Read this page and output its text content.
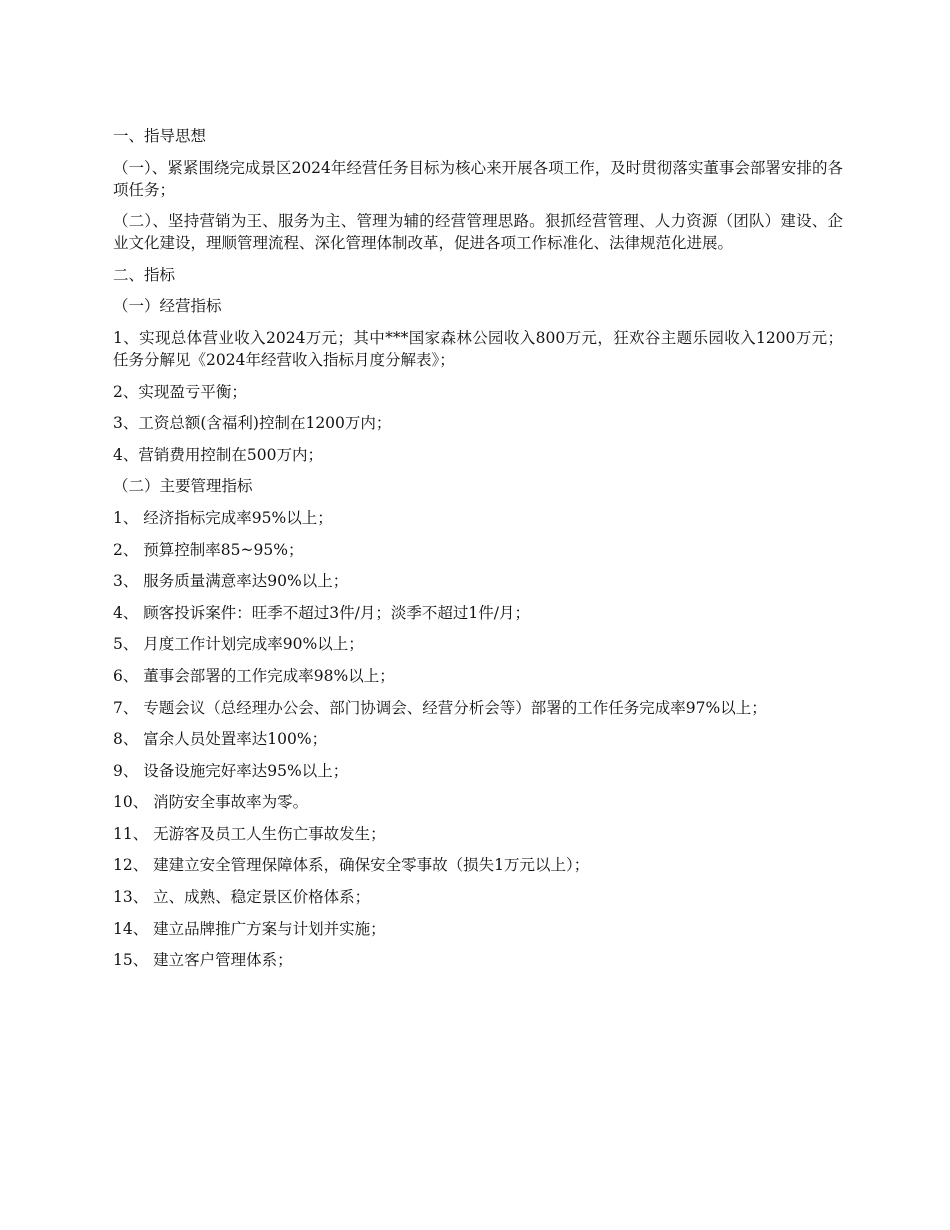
一、指导思想

（一）、紧紧围绕完成景区2024年经营任务目标为核心来开展各项工作，及时贯彻落实董事会部署安排的各项任务；

（二）、坚持营销为王、服务为主、管理为辅的经营管理思路。狠抓经营管理、人力资源（团队）建设、企业文化建设，理顺管理流程、深化管理体制改革，促进各项工作标准化、法律规范化进展。

二、指标

（一）经营指标

1、实现总体营业收入2024万元；其中***国家森林公园收入800万元，狂欢谷主题乐园收入1200万元；任务分解见《2024年经营收入指标月度分解表》；

2、实现盈亏平衡；

3、工资总额(含福利)控制在1200万内；

4、营销费用控制在500万内；

（二）主要管理指标

1、 经济指标完成率95%以上；

2、 预算控制率85~95%；

3、 服务质量满意率达90%以上；

4、 顾客投诉案件：旺季不超过3件/月；淡季不超过1件/月；

5、 月度工作计划完成率90%以上；

6、 董事会部署的工作完成率98%以上；

7、 专题会议（总经理办公会、部门协调会、经营分析会等）部署的工作任务完成率97%以上；

8、 富余人员处置率达100%；

9、 设备设施完好率达95%以上；

10、 消防安全事故率为零。

11、 无游客及员工人生伤亡事故发生；

12、 建建立安全管理保障体系，确保安全零事故（损失1万元以上）；

13、 立、成熟、稳定景区价格体系；

14、 建立品牌推广方案与计划并实施；

15、 建立客户管理体系；
